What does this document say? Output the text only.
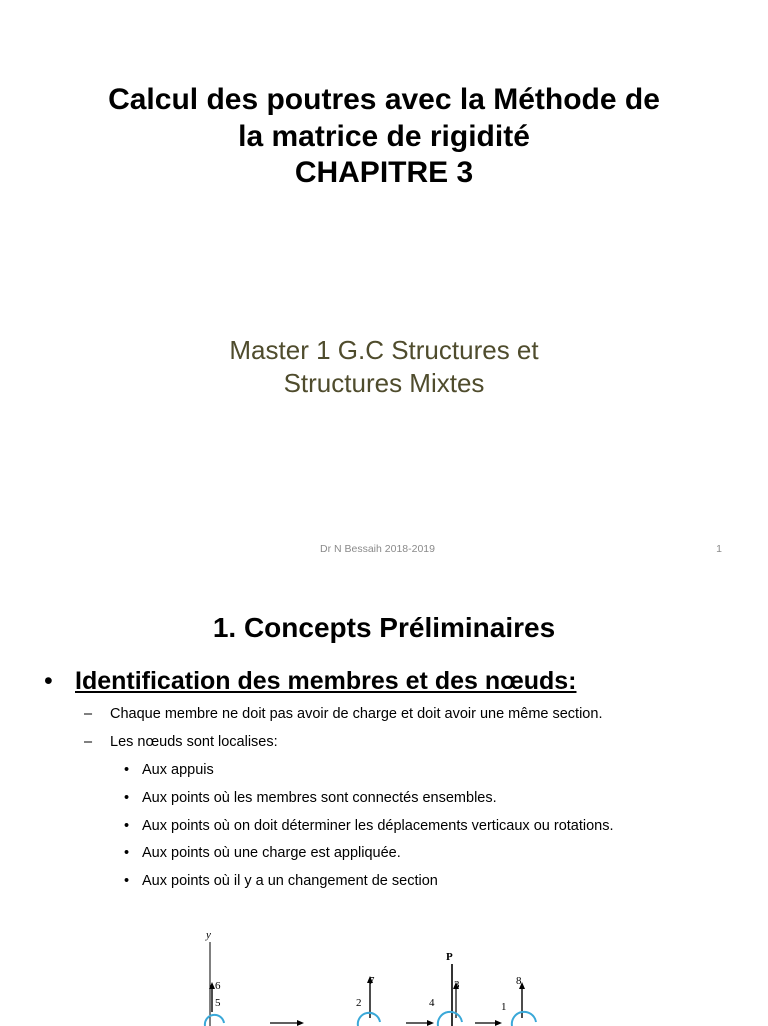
Calcul des poutres avec la Méthode de
la matrice de rigidité
CHAPITRE 3
Master 1 G.C Structures et
Structures Mixtes
Dr N Bessaih 2018-2019	1
1. Concepts Préliminaires
• Identification des membres et des nœuds:
–	Chaque membre ne doit pas avoir de charge et doit avoir une même section.
–	Les nœuds sont localises:
• Aux appuis
• Aux points où les membres sont connectés ensembles.
• Aux points où on doit déterminer les déplacements verticaux ou rotations.
• Aux points où une charge est appliquée.
• Aux points où il y a un changement de section
y
6
5
7
2
P
3
4
8
1
